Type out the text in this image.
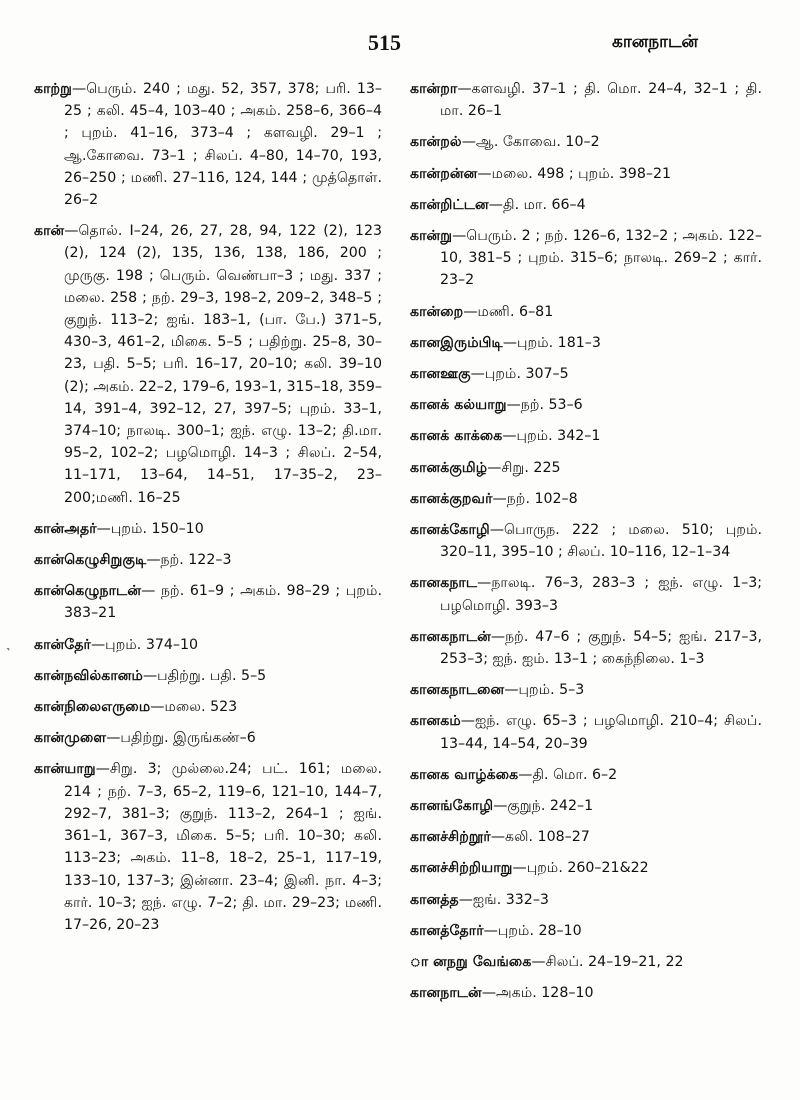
515	கானநாடன்
˺
காற்று—பெரும். 240 ; மது. 52, 357, 378; பரி. 13–25 ; கலி. 45–4, 103–40 ; அகம். 258–6, 366–4 ; புறம். 41–16, 373–4 ; களவழி. 29–1 ; ஆ.கோவை. 73–1 ; சிலப். 4–80, 14–70, 193, 26–250 ; மணி. 27–116, 124, 144 ; முத்தொள். 26–2
கான்—தொல். I–24, 26, 27, 28, 94, 122 (2), 123 (2), 124 (2), 135, 136, 138, 186, 200 ; முருகு. 198 ; பெரும். வெண்பா–3 ; மது. 337 ; மலை. 258 ; நற். 29–3, 198–2, 209–2, 348–5 ; குறுந். 113–2; ஐங். 183–1, (பா. பே.) 371–5, 430–3, 461–2, மிகை. 5–5 ; பதிற்று. 25–8, 30–23, பதி. 5–5; பரி. 16–17, 20–10; கலி. 39–10 (2); அகம். 22–2, 179–6, 193–1, 315–18, 359–14, 391–4, 392–12, 27, 397–5; புறம். 33–1, 374–10; நாலடி. 300–1; ஐந். எழு. 13–2; தி.மா. 95–2, 102–2; பழமொழி. 14–3 ; சிலப். 2–54, 11–171, 13–64, 14–51, 17–35–2, 23–200;மணி. 16–25
கான்அதர்—புறம். 150–10
கான்கெழுசிறுகுடி—நற். 122–3
கான்கெழுநாடன்— நற். 61–9 ; அகம். 98–29 ; புறம். 383–21
கான்தேர்—புறம். 374–10
கான்நவில்கானம்—பதிற்று. பதி. 5–5
கான்நிலைஎருமை—மலை. 523
கான்முளை—பதிற்று. இருங்கண்–6
கான்யாறு—சிறு. 3; முல்லை.24; பட். 161; மலை. 214 ; நற். 7–3, 65–2, 119–6, 121–10, 144–7, 292–7, 381–3; குறுந். 113–2, 264–1 ; ஐங். 361–1, 367–3, மிகை. 5–5; பரி. 10–30; கலி. 113–23; அகம். 11–8, 18–2, 25–1, 117–19, 133–10, 137–3; இன்னா. 23–4; இனி. நா. 4–3; கார். 10–3; ஐந். எழு. 7–2; தி. மா. 29–23; மணி. 17–26, 20–23
கான்றா—களவழி. 37–1 ; தி. மொ. 24–4, 32–1 ; தி. மா. 26–1
கான்றல்—ஆ. கோவை. 10–2
கான்றன்ன—மலை. 498 ; புறம். 398–21
கான்றிட்டன—தி. மா. 66–4
கான்று—பெரும். 2 ; நற். 126–6, 132–2 ; அகம். 122–10, 381–5 ; புறம். 315–6; நாலடி. 269–2 ; கார். 23–2
கான்றை—மணி. 6–81
கானஇரும்பிடி—புறம். 181–3
கானஊகு—புறம். 307–5
கானக் கல்யாறு—நற். 53–6
கானக் காக்கை—புறம். 342–1
கானக்குமிழ்—சிறு. 225
கானக்குறவர்—நற். 102–8
கானக்கோழி—பொருந. 222 ; மலை. 510; புறம். 320–11, 395–10 ; சிலப். 10–116, 12–1–34
கானகநாட—நாலடி. 76–3, 283–3 ; ஐந். எழு. 1–3; பழமொழி. 393–3
கானகநாடன்—நற். 47–6 ; குறுந். 54–5; ஐங். 217–3, 253–3; ஐந். ஐம். 13–1 ; கைந்நிலை. 1–3
கானகநாடனை—புறம். 5–3
கானகம்—ஐந். எழு. 65–3 ; பழமொழி. 210–4; சிலப். 13–44, 14–54, 20–39
கானக வாழ்க்கை—தி. மொ. 6–2
கானங்கோழி—குறுந். 242–1
கானச்சிற்றூர்—கலி. 108–27
கானச்சிற்றியாறு—புறம். 260–21&22
கானத்த—ஐங். 332–3
கானத்தோர்—புறம். 28–10
ா னநறு வேங்கை—சிலப். 24–19–21, 22
கானநாடன்—அகம். 128–10
